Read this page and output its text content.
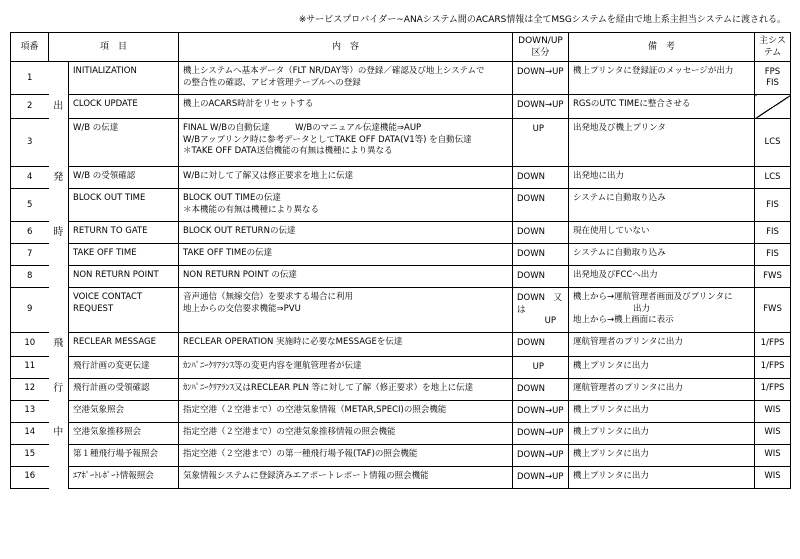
※サービスプロバイダー~ANAシステム間のACARS情報は全てMSGシステムを経由で地上系主担当システムに渡される。
項番	項　目		内　容	DOWN/UP区分	備　考	主システム
1		INITIALIZATION	機上システムへ基本データ（FLT NR/DAY等）の登録／確認及び地上システムで
の整合性の確認、アビオ管理テーブルへの登録	DOWN→UP	機上プリンタに登録証のメッセージが出力	FPS
FIS

2	出	CLOCK UPDATE	機上のACARS時計をリセットする	DOWN→UP	RGSのUTC TIMEに整合させる	

3		W/B の伝達	FINAL W/Bの自動伝達　　　W/Bのマニュアル伝達機能⇒AUP
W/Bアップリンク時に参考データとしてTAKE OFF DATA(V1等) を自動伝達
＊TAKE OFF DATA送信機能の有無は機種により異なる	UP	出発地及び機上プリンタ	LCS

4	発	W/B の受領確認	W/Bに対して了解又は修正要求を地上に伝達	DOWN	出発地に出力	LCS

5		BLOCK OUT TIME	BLOCK OUT TIMEの伝達
＊本機能の有無は機種により異なる	DOWN	システムに自動取り込み	FIS

6	時	RETURN TO GATE	BLOCK OUT RETURNの伝達	DOWN	現在使用していない	FIS

7		TAKE OFF TIME	TAKE OFF TIMEの伝達	DOWN	システムに自動取り込み	FIS

8		NON RETURN POINT	NON RETURN POINT の伝達	DOWN	出発地及びFCCへ出力	FWS

9		VOICE CONTACT REQUEST	音声通信（無線交信）を要求する場合に利用
地上からの交信要求機能⇒PVU	DOWN　又は
UP	機上から→運航管理者画面及びプリンタに
出力
地上から→機上画面に表示	FWS

10	飛	RECLEAR MESSAGE	RECLEAR OPERATION 実施時に必要なMESSAGEを伝達	DOWN	運航管理者のプリンタに出力	1/FPS

11		飛行計画の変更伝達	ｶﾝﾊﾟﾆｰｸﾘｱﾗﾝｽ等の変更内容を運航管理者が伝達	UP	機上プリンタに出力	1/FPS

12	行	飛行計画の受領確認	ｶﾝﾊﾟﾆｰｸﾘｱﾗﾝｽ又はRECLEAR PLN 等に対して了解（修正要求）を地上に伝達	DOWN	運航管理者のプリンタに出力	1/FPS

13		空港気象照会	指定空港（２空港まで）の空港気象情報（METAR,SPECI)の照会機能	DOWN→UP	機上プリンタに出力	WIS

14	中	空港気象推移照会	指定空港（２空港まで）の空港気象推移情報の照会機能	DOWN→UP	機上プリンタに出力	WIS

15		第１種飛行場予報照会	指定空港（２空港まで）の第一種飛行場予報(TAF)の照会機能	DOWN→UP	機上プリンタに出力	WIS

16		ｴｱﾎﾟｰﾄﾚﾎﾟｰﾄ情報照会	気象情報システムに登録済みエアポートレポート情報の照会機能	DOWN→UP	機上プリンタに出力	WIS
